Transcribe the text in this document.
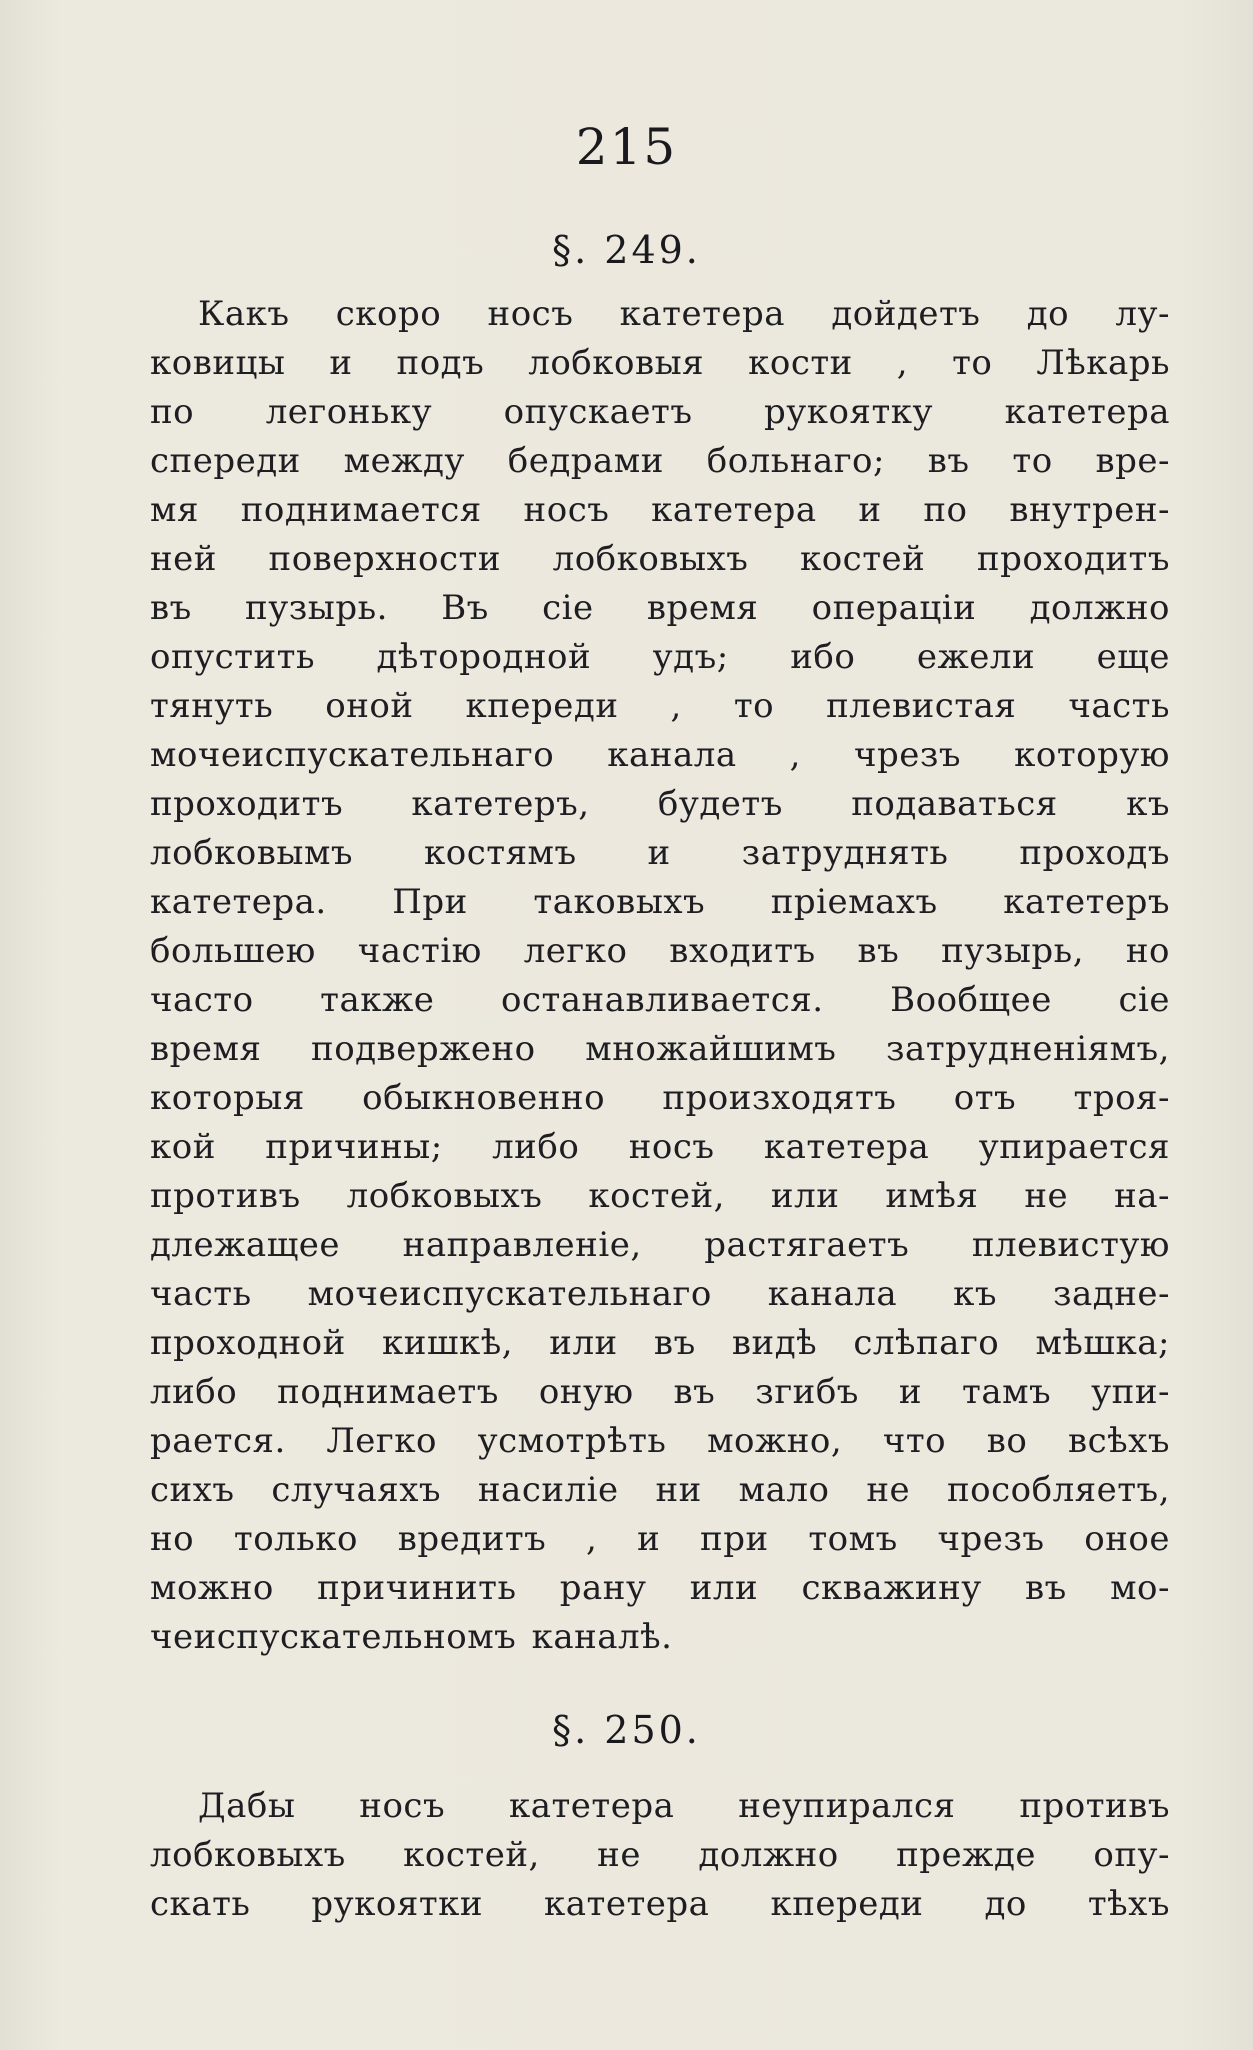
215
§. 249.
Какъ скоро носъ катетера дойдетъ до лу-
ковицы и подъ лобковыя кости , то Лѣкарь
по легоньку опускаетъ рукоятку катетера
спереди между бедрами больнаго; въ то вре-
мя поднимается носъ катетера и по внутрен-
ней поверхности лобковыхъ костей проходитъ
въ пузырь. Въ сіе время операціи должно
опустить дѣтородной удъ; ибо ежели еще
тянуть оной кпереди , то плевистая часть
мочеиспускательнаго канала , чрезъ которую
проходитъ катетеръ, будетъ подаваться къ
лобковымъ костямъ и затруднять проходъ
катетера. При таковыхъ пріемахъ катетеръ
большею частію легко входитъ въ пузырь, но
часто также останавливается. Вообщее сіе
время подвержено множайшимъ затрудненіямъ,
которыя обыкновенно произходятъ отъ троя-
кой причины; либо носъ катетера упирается
противъ лобковыхъ костей, или имѣя не на-
длежащее направленіе, растягаетъ плевистую
часть мочеиспускательнаго канала къ задне-
проходной кишкѣ, или въ видѣ слѣпаго мѣшка;
либо поднимаетъ оную въ згибъ и тамъ упи-
рается. Легко усмотрѣть можно, что во всѣхъ
сихъ случаяхъ насиліе ни мало не пособляетъ,
но только вредитъ , и при томъ чрезъ оное
можно причинить рану или скважину въ мо-
чеиспускательномъ каналѣ.
§. 250.
Дабы носъ катетера неупирался противъ
лобковыхъ костей, не должно прежде опу-
скать рукоятки катетера кпереди до тѣхъ
